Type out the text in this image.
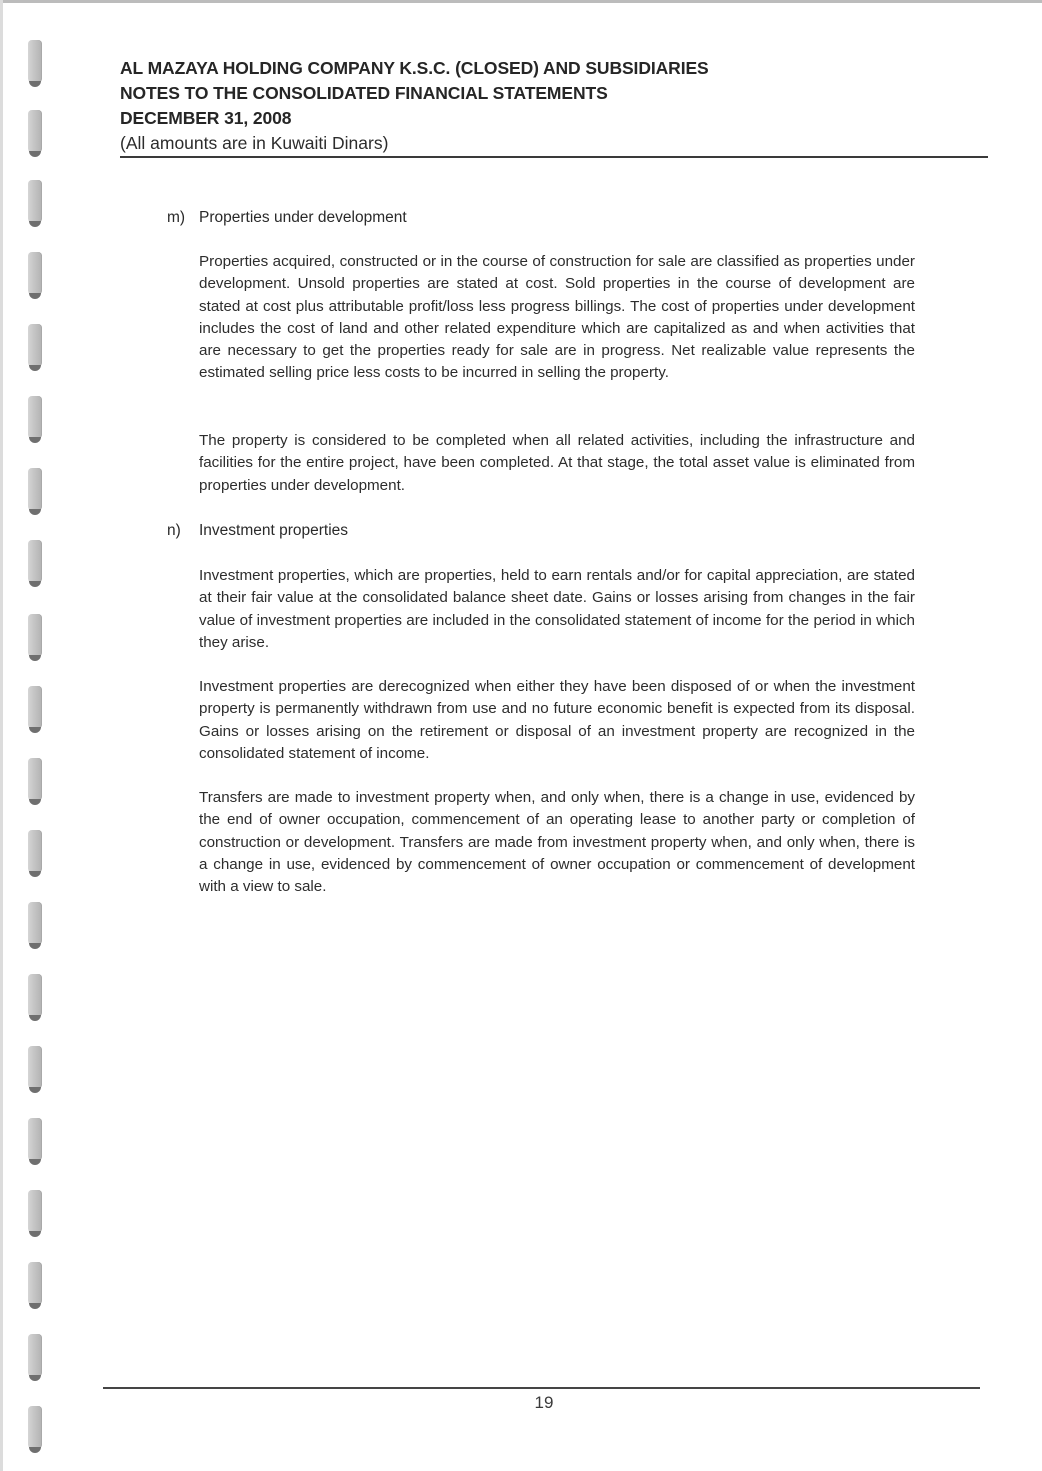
AL MAZAYA HOLDING COMPANY K.S.C. (CLOSED) AND SUBSIDIARIES
NOTES TO THE CONSOLIDATED FINANCIAL STATEMENTS
DECEMBER 31, 2008
(All amounts are in Kuwaiti Dinars)
m) Properties under development

Properties acquired, constructed or in the course of construction for sale are classified as properties under development. Unsold properties are stated at cost. Sold properties in the course of development are stated at cost plus attributable profit/loss less progress billings. The cost of properties under development includes the cost of land and other related expenditure which are capitalized as and when activities that are necessary to get the properties ready for sale are in progress. Net realizable value represents the estimated selling price less costs to be incurred in selling the property.

The property is considered to be completed when all related activities, including the infrastructure and facilities for the entire project, have been completed. At that stage, the total asset value is eliminated from properties under development.

n) Investment properties

Investment properties, which are properties, held to earn rentals and/or for capital appreciation, are stated at their fair value at the consolidated balance sheet date. Gains or losses arising from changes in the fair value of investment properties are included in the consolidated statement of income for the period in which they arise.

Investment properties are derecognized when either they have been disposed of or when the investment property is permanently withdrawn from use and no future economic benefit is expected from its disposal. Gains or losses arising on the retirement or disposal of an investment property are recognized in the consolidated statement of income.

Transfers are made to investment property when, and only when, there is a change in use, evidenced by the end of owner occupation, commencement of an operating lease to another party or completion of construction or development. Transfers are made from investment property when, and only when, there is a change in use, evidenced by commencement of owner occupation or commencement of development with a view to sale.

19
